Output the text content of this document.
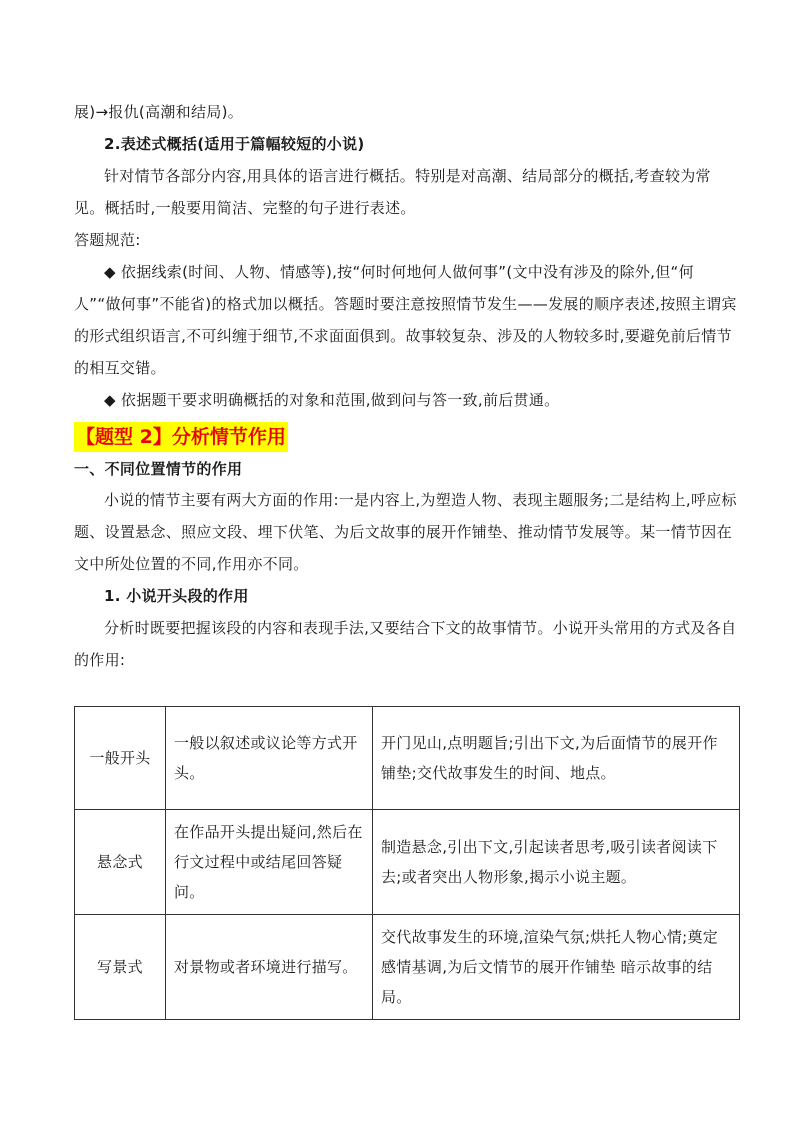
展)→报仇(高潮和结局)。

2.表述式概括(适用于篇幅较短的小说)

针对情节各部分内容,用具体的语言进行概括。特别是对高潮、结局部分的概括,考查较为常见。概括时,一般要用简洁、完整的句子进行表述。

答题规范:

◆ 依据线索(时间、人物、情感等),按“何时何地何人做何事”(文中没有涉及的除外,但“何人”“做何事”不能省)的格式加以概括。答题时要注意按照情节发生——发展的顺序表述,按照主谓宾的形式组织语言,不可纠缠于细节,不求面面俱到。故事较复杂、涉及的人物较多时,要避免前后情节的相互交错。

◆ 依据题干要求明确概括的对象和范围,做到问与答一致,前后贯通。

【题型 2】分析情节作用

一、不同位置情节的作用

小说的情节主要有两大方面的作用:一是内容上,为塑造人物、表现主题服务;二是结构上,呼应标题、设置悬念、照应文段、埋下伏笔、为后文故事的展开作铺垫、推动情节发展等。某一情节因在文中所处位置的不同,作用亦不同。

1. 小说开头段的作用

分析时既要把握该段的内容和表现手法,又要结合下文的故事情节。小说开头常用的方式及各自的作用:

一般开头	一般以叙述或议论等方式开头。	开门见山,点明题旨;引出下文,为后面情节的展开作铺垫;交代故事发生的时间、地点。
悬念式	在作品开头提出疑问,然后在行文过程中或结尾回答疑问。	制造悬念,引出下文,引起读者思考,吸引读者阅读下去;或者突出人物形象,揭示小说主题。
写景式	对景物或者环境进行描写。	交代故事发生的环境,渲染气氛;烘托人物心情;奠定感情基调,为后文情节的展开作铺垫 暗示故事的结局。
